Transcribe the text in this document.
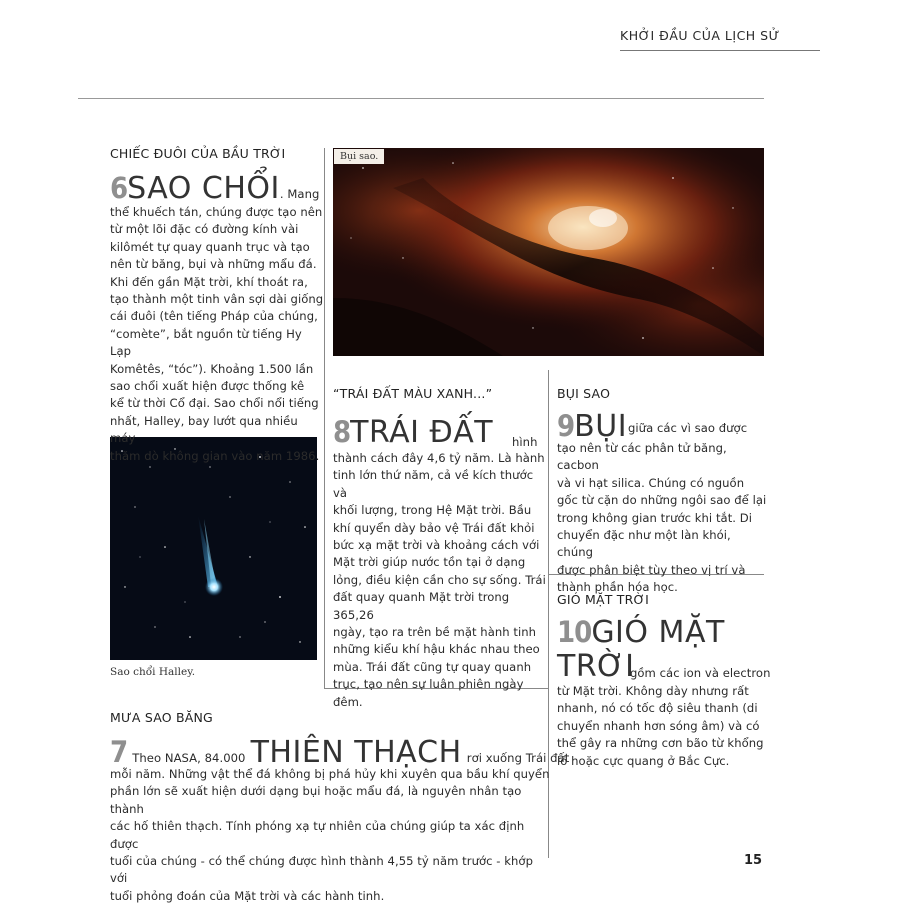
KHỞI ĐẦU CỦA LỊCH SỬ
Bụi sao.
Sao chổi Halley.
CHIẾC ĐUÔI CỦA BẦU TRỜI
6SAO CHỔI. Mang
thể khuếch tán, chúng được tạo nên
từ một lõi đặc có đường kính vài
kilômét tự quay quanh trục và tạo
nên từ băng, bụi và những mẩu đá.
Khi đến gần Mặt trời, khí thoát ra,
tạo thành một tinh vân sợi dài giống
cái đuôi (tên tiếng Pháp của chúng,
“comète”, bắt nguồn từ tiếng Hy Lạp
Komêtês, “tóc”). Khoảng 1.500 lần
sao chổi xuất hiện được thống kê
kể từ thời Cổ đại. Sao chổi nổi tiếng
nhất, Halley, bay lướt qua nhiều máy
thăm dò không gian vào năm 1986.
“TRÁI ĐẤT MÀU XANH...”
8TRÁI ĐẤT hình
thành cách đây 4,6 tỷ năm. Là hành
tinh lớn thứ năm, cả về kích thước và
khối lượng, trong Hệ Mặt trời. Bầu
khí quyển dày bảo vệ Trái đất khỏi
bức xạ mặt trời và khoảng cách với
Mặt trời giúp nước tồn tại ở dạng
lỏng, điều kiện cần cho sự sống. Trái
đất quay quanh Mặt trời trong 365,26
ngày, tạo ra trên bề mặt hành tinh
những kiểu khí hậu khác nhau theo
mùa. Trái đất cũng tự quay quanh
trục, tạo nên sự luân phiên ngày
đêm.
BỤI SAO
9BỤI giữa các vì sao được
tạo nên từ các phân tử băng, cacbon
và vi hạt silica. Chúng có nguồn
gốc từ cặn do những ngôi sao để lại
trong không gian trước khi tắt. Di
chuyển đặc như một làn khói, chúng
được phân biệt tùy theo vị trí và
thành phần hóa học.
GIÓ MẶT TRỜI
10GIÓ MẶT
TRỜI
gồm các ion và electron
từ Mặt trời. Không dày nhưng rất
nhanh, nó có tốc độ siêu thanh (di
chuyển nhanh hơn sóng âm) và có
thể gây ra những cơn bão từ khổng
lồ hoặc cực quang ở Bắc Cực.
MƯA SAO BĂNG
7 Theo NASA, 84.000 THIÊN THẠCH rơi xuống Trái đất
mỗi năm. Những vật thể đá không bị phá hủy khi xuyên qua bầu khí quyển
phần lớn sẽ xuất hiện dưới dạng bụi hoặc mẩu đá, là nguyên nhân tạo thành
các hố thiên thạch. Tính phóng xạ tự nhiên của chúng giúp ta xác định được
tuổi của chúng - có thể chúng được hình thành 4,55 tỷ năm trước - khớp với
tuổi phỏng đoán của Mặt trời và các hành tinh.
15
